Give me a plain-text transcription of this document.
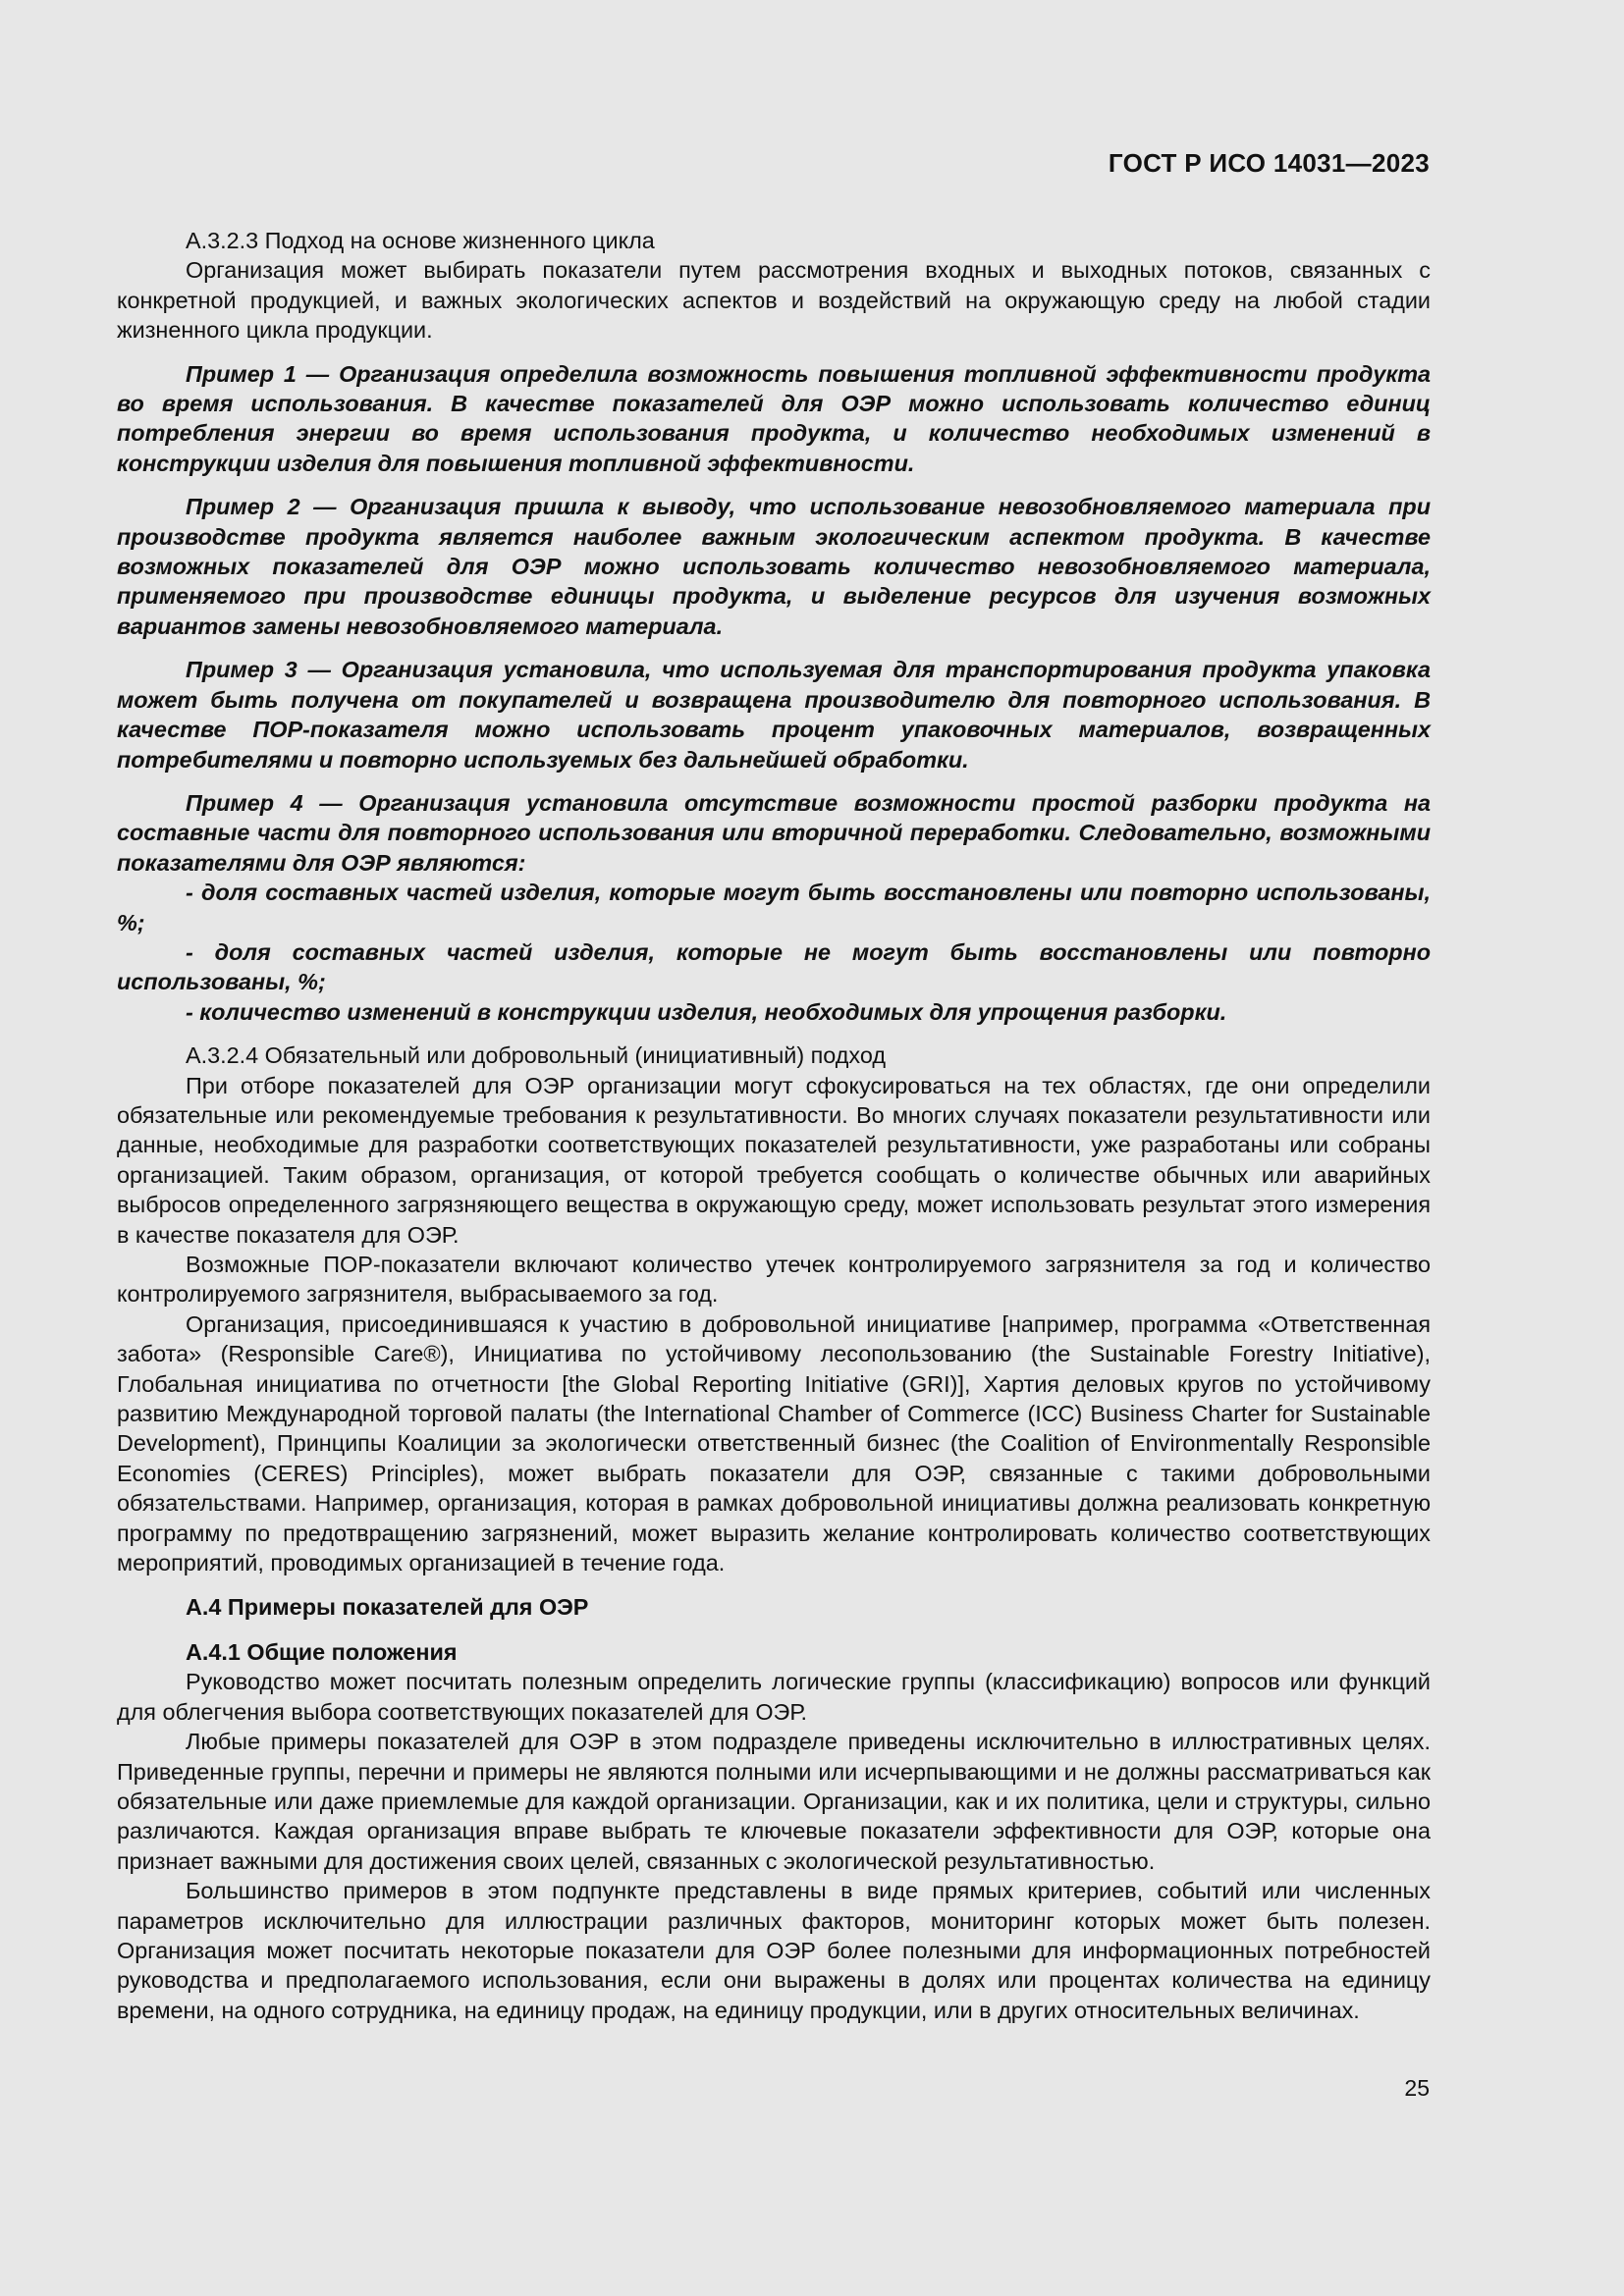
ГОСТ Р ИСО 14031—2023

А.3.2.3 Подход на основе жизненного цикла

Организация может выбирать показатели путем рассмотрения входных и выходных потоков, связанных с конкретной продукцией, и важных экологических аспектов и воздействий на окружающую среду на любой стадии жизненного цикла продукции.

Пример 1 — Организация определила возможность повышения топливной эффективности продукта во время использования. В качестве показателей для ОЭР можно использовать количество единиц потребления энергии во время использования продукта, и количество необходимых изменений в конструкции изделия для повышения топливной эффективности.

Пример 2 — Организация пришла к выводу, что использование невозобновляемого материала при производстве продукта является наиболее важным экологическим аспектом продукта. В качестве возможных показателей для ОЭР можно использовать количество невозобновляемого материала, применяемого при производстве единицы продукта, и выделение ресурсов для изучения возможных вариантов замены невозобновляемого материала.

Пример 3 — Организация установила, что используемая для транспортирования продукта упаковка может быть получена от покупателей и возвращена производителю для повторного использования. В качестве ПОР-показателя можно использовать процент упаковочных материалов, возвращенных потребителями и повторно используемых без дальнейшей обработки.

Пример 4 — Организация установила отсутствие возможности простой разборки продукта на составные части для повторного использования или вторичной переработки. Следовательно, возможными показателями для ОЭР являются:

- доля составных частей изделия, которые могут быть восстановлены или повторно использованы, %;

- доля составных частей изделия, которые не могут быть восстановлены или повторно использованы, %;

- количество изменений в конструкции изделия, необходимых для упрощения разборки.

А.3.2.4 Обязательный или добровольный (инициативный) подход

При отборе показателей для ОЭР организации могут сфокусироваться на тех областях, где они определили обязательные или рекомендуемые требования к результативности. Во многих случаях показатели результативности или данные, необходимые для разработки соответствующих показателей результативности, уже разработаны или собраны организацией. Таким образом, организация, от которой требуется сообщать о количестве обычных или аварийных выбросов определенного загрязняющего вещества в окружающую среду, может использовать результат этого измерения в качестве показателя для ОЭР.

Возможные ПОР-показатели включают количество утечек контролируемого загрязнителя за год и количество контролируемого загрязнителя, выбрасываемого за год.

Организация, присоединившаяся к участию в добровольной инициативе [например, программа «Ответственная забота» (Responsible Care®), Инициатива по устойчивому лесопользованию (the Sustainable Forestry Initiative), Глобальная инициатива по отчетности [the Global Reporting Initiative (GRI)], Хартия деловых кругов по устойчивому развитию Международной торговой палаты (the International Chamber of Commerce (ICC) Business Charter for Sustainable Development), Принципы Коалиции за экологически ответственный бизнес (the Coalition of Environmentally Responsible Economies (CERES) Principles), может выбрать показатели для ОЭР, связанные с такими добровольными обязательствами. Например, организация, которая в рамках добровольной инициативы должна реализовать конкретную программу по предотвращению загрязнений, может выразить желание контролировать количество соответствующих мероприятий, проводимых организацией в течение года.

А.4 Примеры показателей для ОЭР

А.4.1 Общие положения

Руководство может посчитать полезным определить логические группы (классификацию) вопросов или функций для облегчения выбора соответствующих показателей для ОЭР.

Любые примеры показателей для ОЭР в этом подразделе приведены исключительно в иллюстративных целях. Приведенные группы, перечни и примеры не являются полными или исчерпывающими и не должны рассматриваться как обязательные или даже приемлемые для каждой организации. Организации, как и их политика, цели и структуры, сильно различаются. Каждая организация вправе выбрать те ключевые показатели эффективности для ОЭР, которые она признает важными для достижения своих целей, связанных с экологической результативностью.

Большинство примеров в этом подпункте представлены в виде прямых критериев, событий или численных параметров исключительно для иллюстрации различных факторов, мониторинг которых может быть полезен. Организация может посчитать некоторые показатели для ОЭР более полезными для информационных потребностей руководства и предполагаемого использования, если они выражены в долях или процентах количества на единицу времени, на одного сотрудника, на единицу продаж, на единицу продукции, или в других относительных величинах.

25
